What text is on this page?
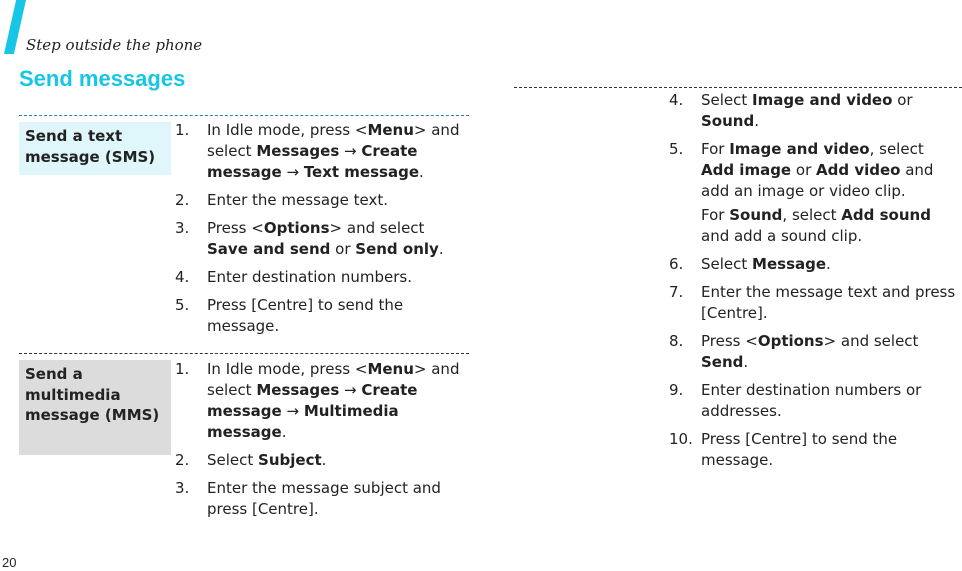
Step outside the phone
Send messages
Send a text message (SMS)
Send a multimedia message (MMS)
1. In Idle mode, press <Menu> and select Messages → Create message → Text message.
2. Enter the message text.
3. Press <Options> and select Save and send or Send only.
4. Enter destination numbers.
5. Press [Centre] to send the message.
1. In Idle mode, press <Menu> and select Messages → Create message → Multimedia message.
2. Select Subject.
3. Enter the message subject and press [Centre].
4. Select Image and video or Sound.
5. For Image and video, select Add image or Add video and add an image or video clip.
For Sound, select Add sound and add a sound clip.
6. Select Message.
7. Enter the message text and press [Centre].
8. Press <Options> and select Send.
9. Enter destination numbers or addresses.
10. Press [Centre] to send the message.
20
